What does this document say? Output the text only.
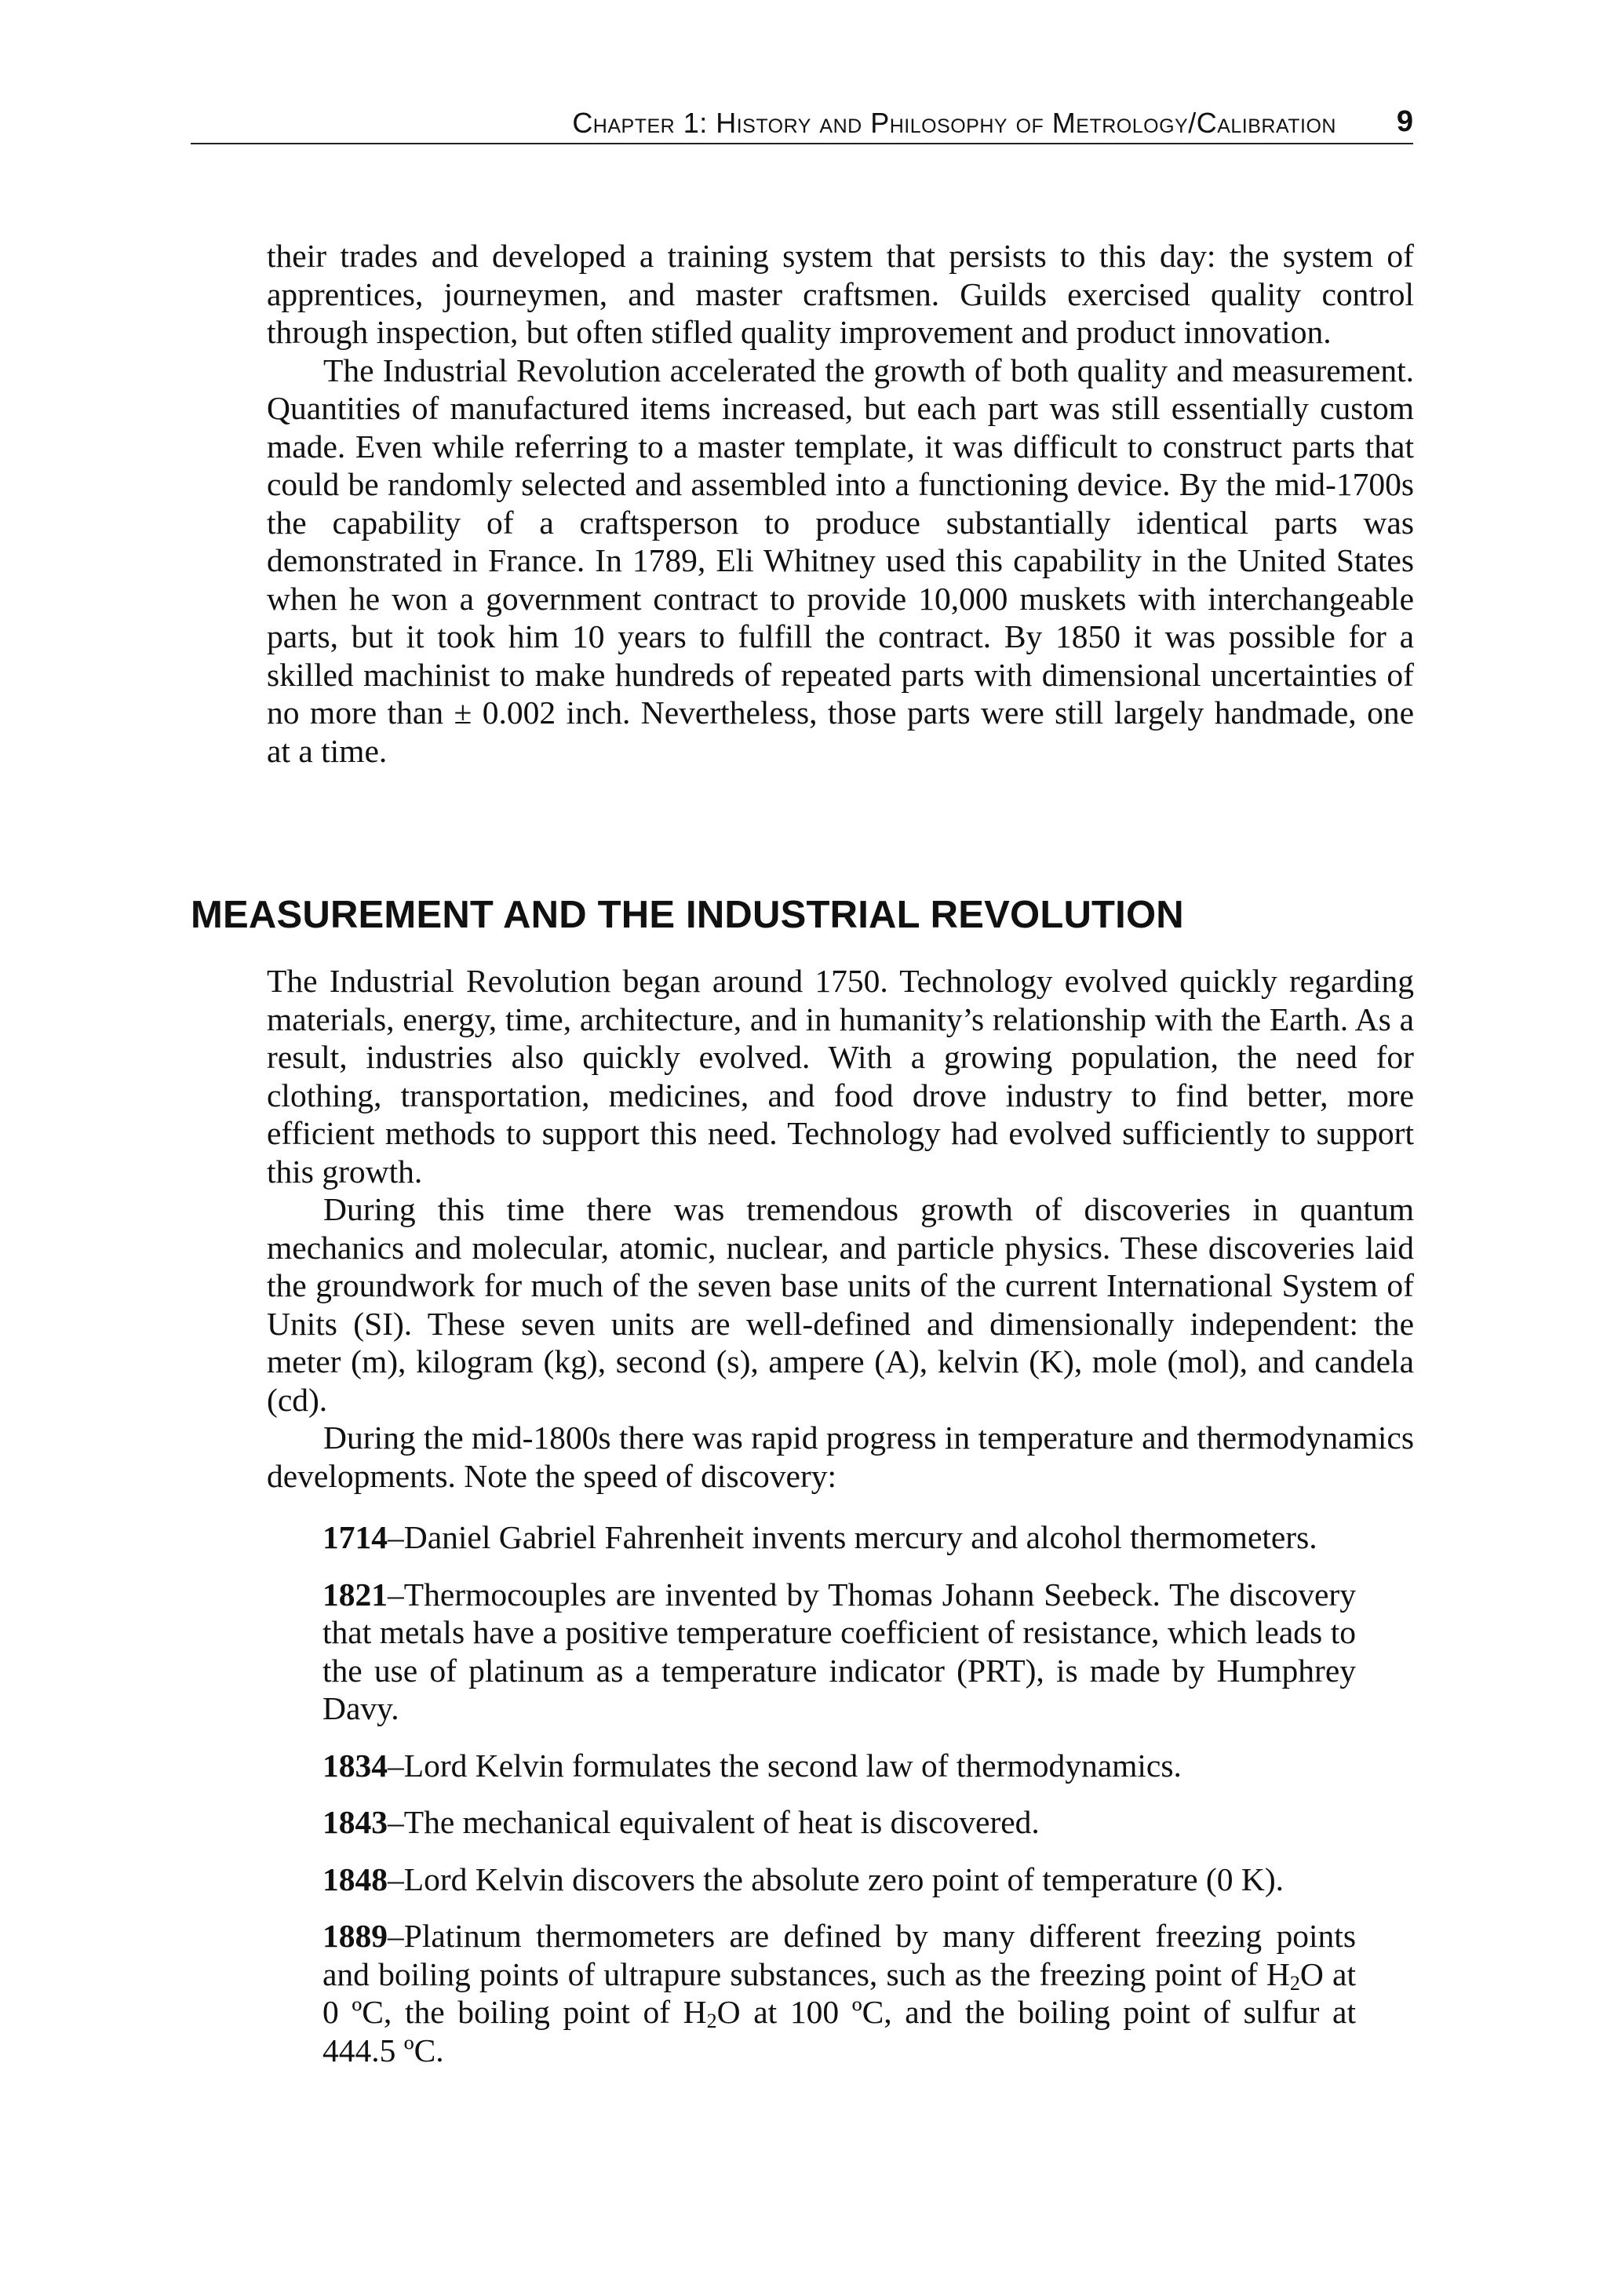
Chapter 1: History and Philosophy of Metrology/Calibration 9

their trades and developed a training system that persists to this day: the system of apprentices, journeymen, and master craftsmen. Guilds exercised quality control through inspection, but often stifled quality improvement and product innovation.

The Industrial Revolution accelerated the growth of both quality and measurement. Quantities of manufactured items increased, but each part was still essentially custom made. Even while referring to a master template, it was difficult to construct parts that could be randomly selected and assembled into a functioning device. By the mid-1700s the capability of a craftsperson to produce substantially identical parts was demonstrated in France. In 1789, Eli Whitney used this capability in the United States when he won a government contract to provide 10,000 muskets with interchangeable parts, but it took him 10 years to fulfill the contract. By 1850 it was possible for a skilled machinist to make hundreds of repeated parts with dimensional uncertainties of no more than ± 0.002 inch. Nevertheless, those parts were still largely handmade, one at a time.

MEASUREMENT AND THE INDUSTRIAL REVOLUTION

The Industrial Revolution began around 1750. Technology evolved quickly regarding materials, energy, time, architecture, and in humanity’s relationship with the Earth. As a result, industries also quickly evolved. With a growing population, the need for clothing, transportation, medicines, and food drove industry to find better, more efficient methods to support this need. Technology had evolved sufficiently to support this growth.

During this time there was tremendous growth of discoveries in quantum mechanics and molecular, atomic, nuclear, and particle physics. These discoveries laid the groundwork for much of the seven base units of the current International System of Units (SI). These seven units are well-defined and dimensionally independent: the meter (m), kilogram (kg), second (s), ampere (A), kelvin (K), mole (mol), and candela (cd).

During the mid-1800s there was rapid progress in temperature and thermodynamics developments. Note the speed of discovery:

1714–Daniel Gabriel Fahrenheit invents mercury and alcohol thermometers.

1821–Thermocouples are invented by Thomas Johann Seebeck. The discovery that metals have a positive temperature coefficient of resistance, which leads to the use of platinum as a temperature indicator (PRT), is made by Humphrey Davy.

1834–Lord Kelvin formulates the second law of thermodynamics.

1843–The mechanical equivalent of heat is discovered.

1848–Lord Kelvin discovers the absolute zero point of temperature (0 K).

1889–Platinum thermometers are defined by many different freezing points and boiling points of ultrapure substances, such as the freezing point of $H_2O$ at 0 ºC, the boiling point of $H_2O$ at 100 ºC, and the boiling point of sulfur at 444.5 ºC.
